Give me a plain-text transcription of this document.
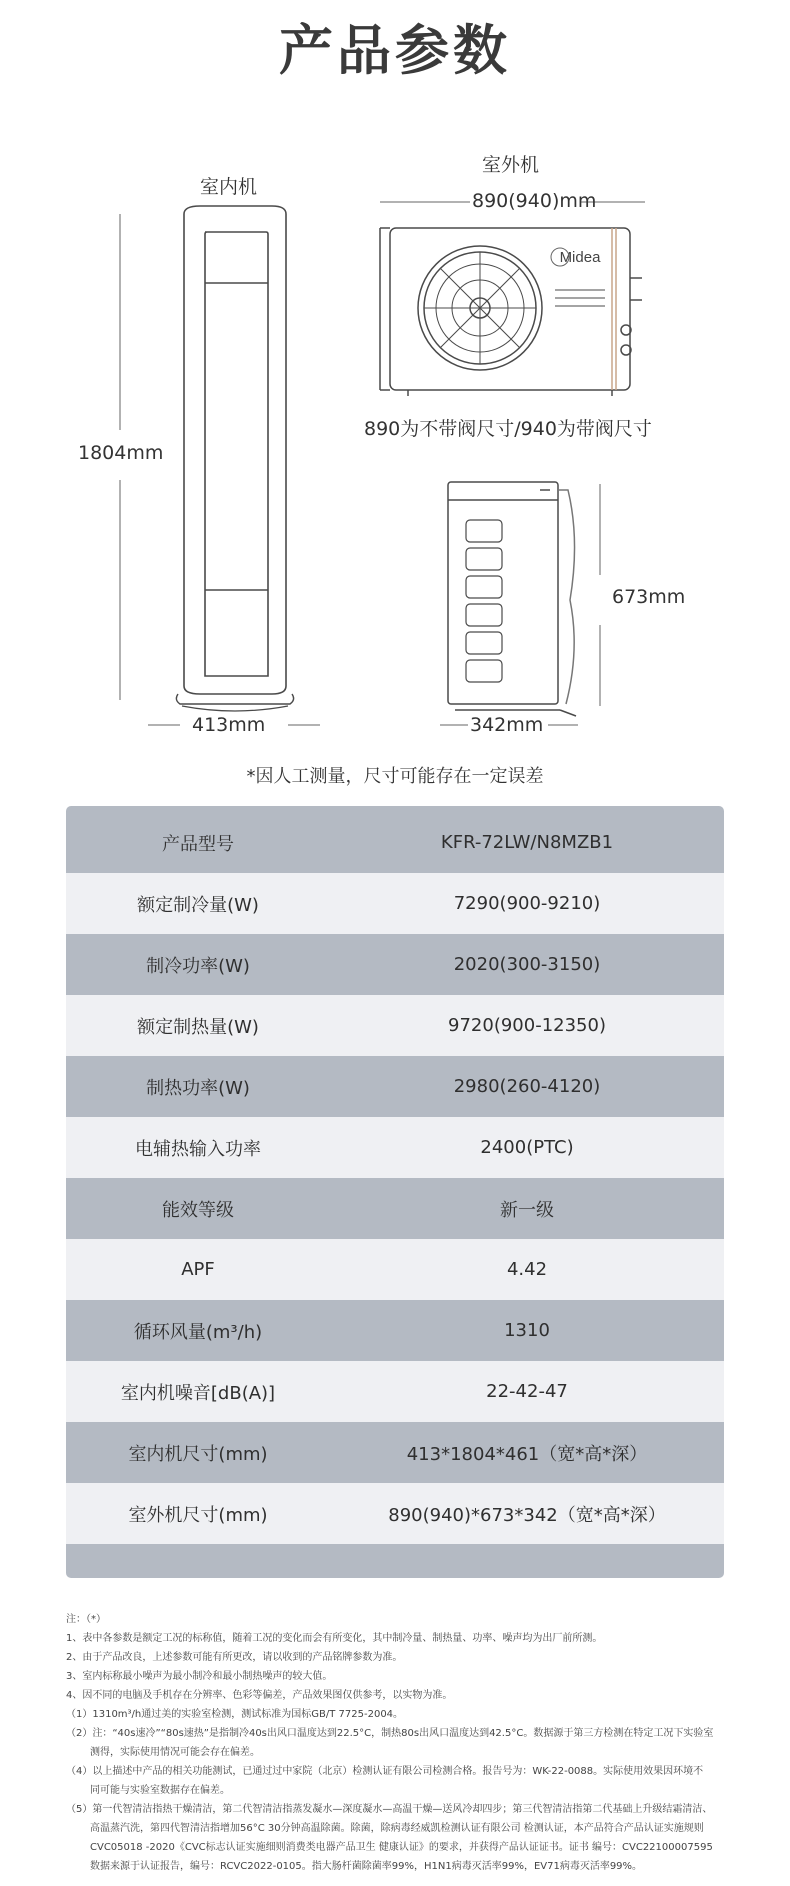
产品参数
Midea
室内机
1804mm
413mm
室外机
890(940)mm
890为不带阀尺寸/940为带阀尺寸
673mm
342mm
*因人工测量，尺寸可能存在一定误差
产品型号	KFR-72LW/N8MZB1
额定制冷量(W)	7290(900-9210)
制冷功率(W)	2020(300-3150)
额定制热量(W)	9720(900-12350)
制热功率(W)	2980(260-4120)
电辅热输入功率	2400(PTC)
能效等级	新一级
APF	4.42
循环风量(m³/h)	1310
室内机噪音[dB(A)]	22-42-47
室内机尺寸(mm)	413*1804*461（宽*高*深）
室外机尺寸(mm)	890(940)*673*342（宽*高*深）
注：（*）
1、表中各参数是额定工况的标称值，随着工况的变化而会有所变化，其中制冷量、制热量、功率、噪声均为出厂前所测。
2、由于产品改良，上述参数可能有所更改，请以收到的产品铭牌参数为准。
3、室内标称最小噪声为最小制冷和最小制热噪声的较大值。
4、因不同的电脑及手机存在分辨率、色彩等偏差，产品效果图仅供参考，以实物为准。
（1）1310m³/h通过美的实验室检测，测试标准为国标GB/T 7725-2004。
（2）注：“40s速冷”“80s速热”是指制冷40s出风口温度达到22.5°C，制热80s出风口温度达到42.5°C。数据源于第三方检测在特定工况下实验室
测得，实际使用情况可能会存在偏差。
（4）以上描述中产品的相关功能测试，已通过过中家院（北京）检测认证有限公司检测合格。报告号为：WK-22-0088。实际使用效果因环境不
同可能与实验室数据存在偏差。
（5）第一代智清洁指热干燥清洁，第二代智清洁指蒸发凝水—深度凝水—高温干燥—送风冷却四步；第三代智清洁指第二代基础上升级结霜清洁、
高温蒸汽洗，第四代智清洁指增加56°C 30分钟高温除菌。除菌，除病毒经威凯检测认证有限公司 检测认证，本产品符合产品认证实施规则
CVC05018 -2020《CVC标志认证实施细则消费类电器产品卫生 健康认证》的要求，并获得产品认证证书。证书 编号：CVC22100007595
数据来源于认证报告，编号：RCVC2022-0105。指大肠杆菌除菌率99%，H1N1病毒灭活率99%，EV71病毒灭活率99%。
